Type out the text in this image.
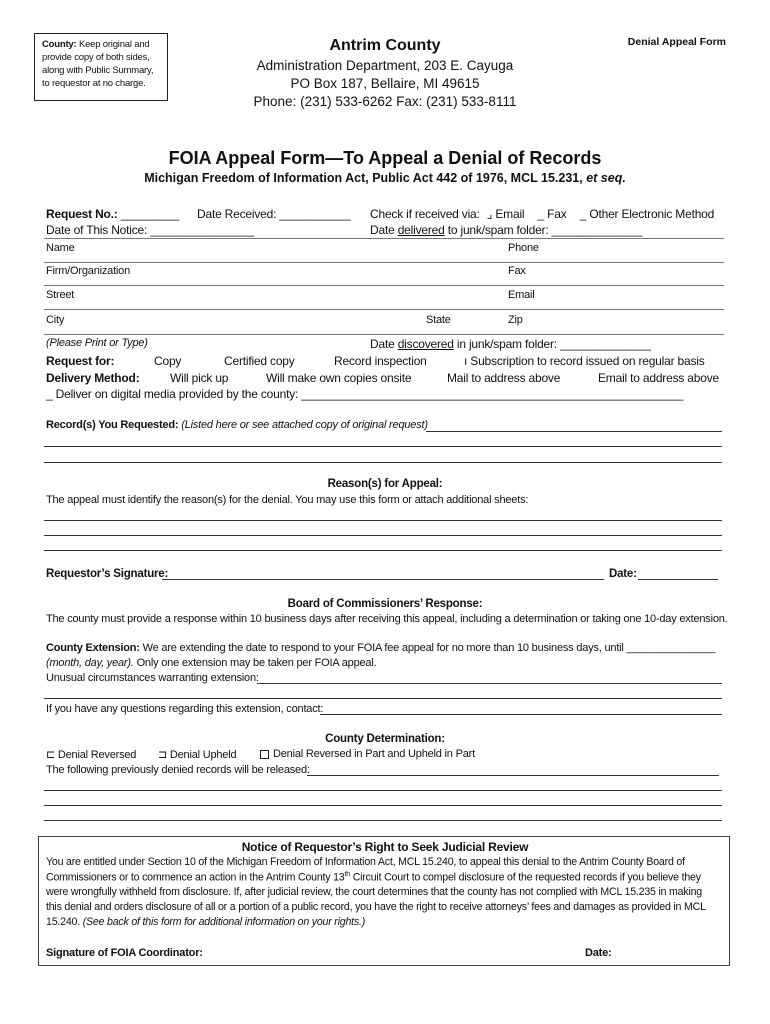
County: Keep original and
provide copy of both sides,
along with Public Summary,
to requestor at no charge.
Denial Appeal Form
Antrim County
Administration Department, 203 E. Cayuga
PO Box 187, Bellaire, MI 49615
Phone: (231) 533-6262 Fax: (231) 533-8111
FOIA Appeal Form—To Appeal a Denial of Records
Michigan Freedom of Information Act, Public Act 442 of 1976, MCL 15.231, et seq.
Request No.: _________ Date Received: ___________ Check if received via: ⌟ Email _ Fax _ Other Electronic Method
Date of This Notice: ________________	Date delivered to junk/spam folder: ______________
Name	Phone
Firm/Organization	Fax
Street	Email
City	State	Zip
(Please Print or Type)	Date discovered in junk/spam folder: ______________
Request for:	Copy	Certified copy	Record inspection	ı Subscription to record issued on regular basis
Delivery Method:	Will pick up	Will make own copies onsite	Mail to address above	Email to address above
_ Deliver on digital media provided by the county: ___________________________________________________________
Record(s) You Requested: (Listed here or see attached copy of original request)
Reason(s) for Appeal:
The appeal must identify the reason(s) for the denial. You may use this form or attach additional sheets:
Requestor’s Signature:	Date:
Board of Commissioners’ Response:
The county must provide a response within 10 business days after receiving this appeal, including a determination or taking one 10-day extension.
County Extension: We are extending the date to respond to your FOIA fee appeal for no more than 10 business days, until _______________
(month, day, year). Only one extension may be taken per FOIA appeal.
Unusual circumstances warranting extension:
If you have any questions regarding this extension, contact:
County Determination:
⊏ Denial Reversed ⊐ Denial Upheld	Denial Reversed in Part and Upheld in Part
The following previously denied records will be released:
Notice of Requestor’s Right to Seek Judicial Review
You are entitled under Section 10 of the Michigan Freedom of Information Act, MCL 15.240, to appeal this denial to the Antrim County Board of
Commissioners or to commence an action in the Antrim County 13th Circuit Court to compel disclosure of the requested records if you believe they
were wrongfully withheld from disclosure. If, after judicial review, the court determines that the county has not complied with MCL 15.235 in making
this denial and orders disclosure of all or a portion of a public record, you have the right to receive attorneys’ fees and damages as provided in MCL
15.240. (See back of this form for additional information on your rights.)
Signature of FOIA Coordinator:	Date:
